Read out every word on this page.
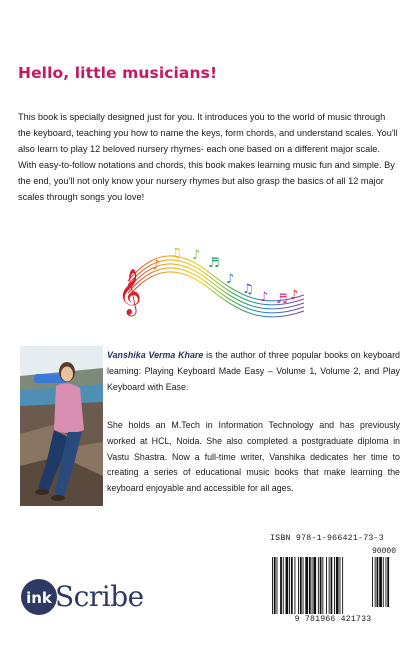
Hello, little musicians!

This book is specially designed just for you. It introduces you to the world of music through the keyboard, teaching you how to name the keys, form chords, and understand scales. You'll also learn to play 12 beloved nursery rhymes- each one based on a different major scale. With easy-to-follow notations and chords, this book makes learning music fun and simple. By the end, you'll not only know your nursery rhymes but also grasp the basics of all 12 major scales through songs you love!

𝄞
♪
♫ ♪
♬
♪
♫
♪ ♬ ♪

Vanshika Verma Khare is the author of three popular books on keyboard learning: Playing Keyboard Made Easy – Volume 1, Volume 2, and Play Keyboard with Ease.

She holds an M.Tech in Information Technology and has previously worked at HCL, Noida. She also completed a postgraduate diploma in Vastu Shastra. Now a full-time writer, Vanshika dedicates her time to creating a series of educational music books that make learning the keyboard enjoyable and accessible for all ages.

ink Scribe
ISBN 978-1-966421-73-3
90000
9 781966 421733
